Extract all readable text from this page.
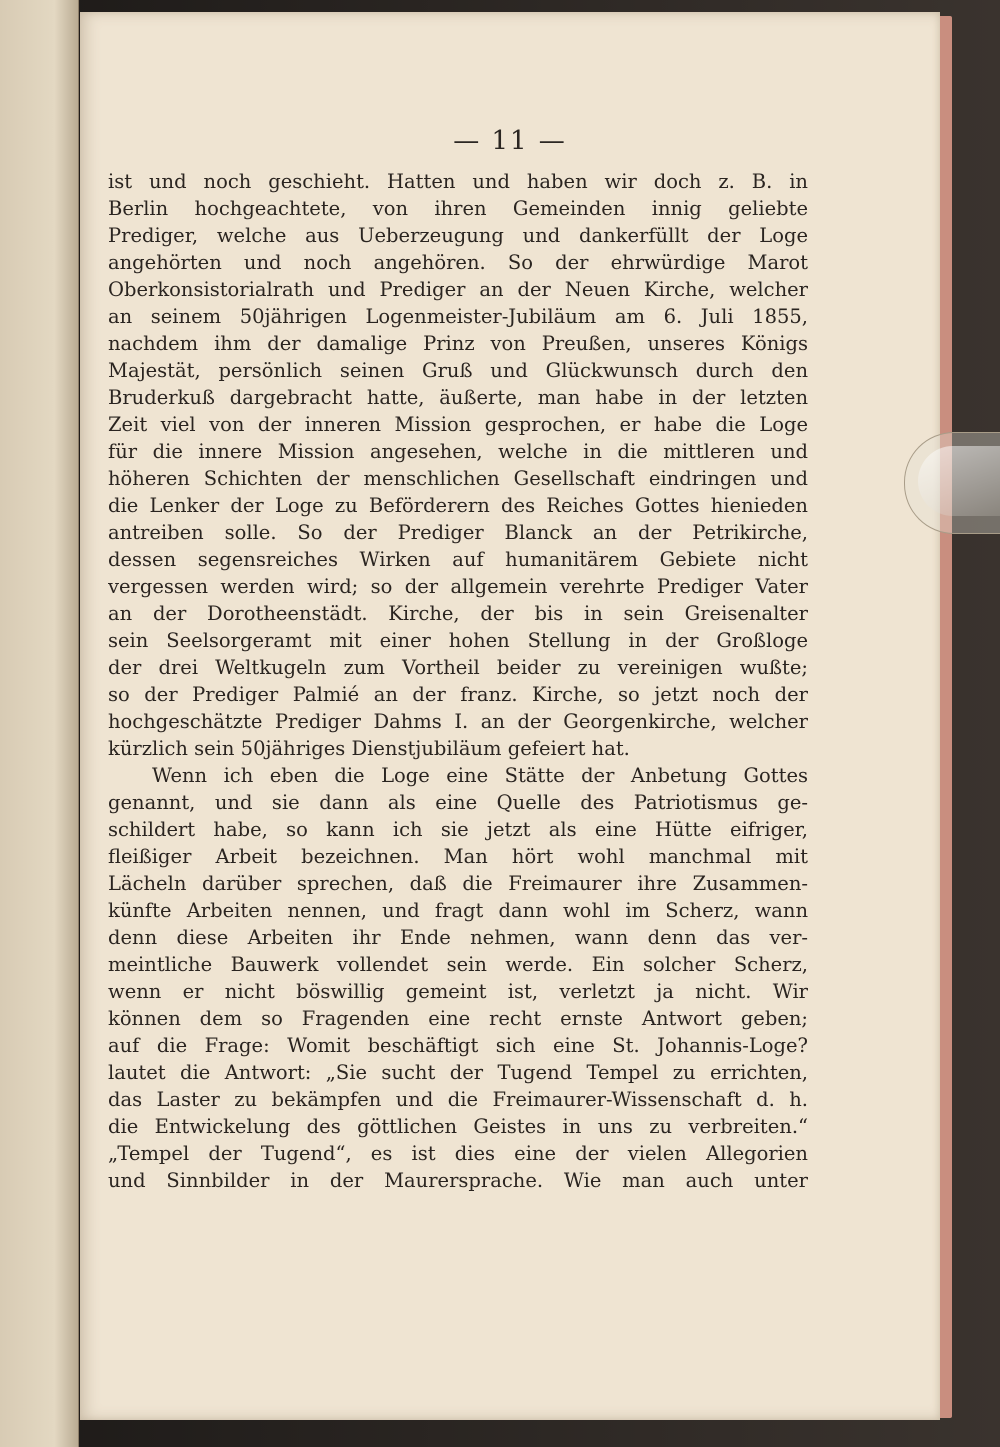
— 11 —
ist und noch geschieht. Hatten und haben wir doch z. B. in
Berlin hochgeachtete, von ihren Gemeinden innig geliebte
Prediger, welche aus Ueberzeugung und dankerfüllt der Loge
angehörten und noch angehören. So der ehrwürdige Marot
Oberkonsistorialrath und Prediger an der Neuen Kirche, welcher
an seinem 50jährigen Logenmeister-Jubiläum am 6. Juli 1855,
nachdem ihm der damalige Prinz von Preußen, unseres Königs
Majestät, persönlich seinen Gruß und Glückwunsch durch den
Bruderkuß dargebracht hatte, äußerte, man habe in der letzten
Zeit viel von der inneren Mission gesprochen, er habe die Loge
für die innere Mission angesehen, welche in die mittleren und
höheren Schichten der menschlichen Gesellschaft eindringen und
die Lenker der Loge zu Beförderern des Reiches Gottes hienieden
antreiben solle. So der Prediger Blanck an der Petrikirche,
dessen segensreiches Wirken auf humanitärem Gebiete nicht
vergessen werden wird; so der allgemein verehrte Prediger Vater
an der Dorotheenstädt. Kirche, der bis in sein Greisenalter
sein Seelsorgeramt mit einer hohen Stellung in der Großloge
der drei Weltkugeln zum Vortheil beider zu vereinigen wußte;
so der Prediger Palmié an der franz. Kirche, so jetzt noch der
hochgeschätzte Prediger Dahms I. an der Georgenkirche, welcher
kürzlich sein 50jähriges Dienstjubiläum gefeiert hat.
Wenn ich eben die Loge eine Stätte der Anbetung Gottes
genannt, und sie dann als eine Quelle des Patriotismus ge-
schildert habe, so kann ich sie jetzt als eine Hütte eifriger,
fleißiger Arbeit bezeichnen. Man hört wohl manchmal mit
Lächeln darüber sprechen, daß die Freimaurer ihre Zusammen-
künfte Arbeiten nennen, und fragt dann wohl im Scherz, wann
denn diese Arbeiten ihr Ende nehmen, wann denn das ver-
meintliche Bauwerk vollendet sein werde. Ein solcher Scherz,
wenn er nicht böswillig gemeint ist, verletzt ja nicht. Wir
können dem so Fragenden eine recht ernste Antwort geben;
auf die Frage: Womit beschäftigt sich eine St. Johannis-Loge?
lautet die Antwort: „Sie sucht der Tugend Tempel zu errichten,
das Laster zu bekämpfen und die Freimaurer-Wissenschaft d. h.
die Entwickelung des göttlichen Geistes in uns zu verbreiten.“
„Tempel der Tugend“, es ist dies eine der vielen Allegorien
und Sinnbilder in der Maurersprache. Wie man auch unter
